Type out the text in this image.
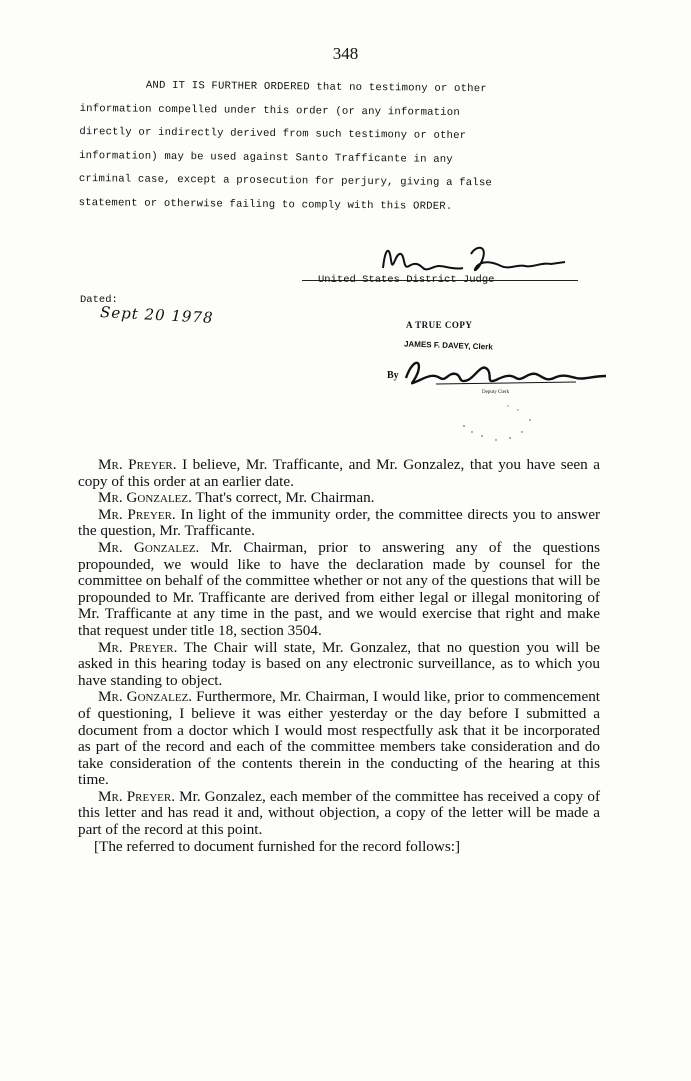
348

AND IT IS FURTHER ORDERED that no testimony or other

information compelled under this order (or any information

directly or indirectly derived from such testimony or other

information) may be used against Santo Trafficante in any

criminal case, except a prosecution for perjury, giving a false

statement or otherwise failing to comply with this ORDER.

United States District Judge
Dated:
Sept 20 1978	A TRUE COPY
JAMES F. DAVEY, Clerk
By
Deputy Clerk

Mr. Preyer. I believe, Mr. Trafficante, and Mr. Gonzalez, that you have seen a copy of this order at an earlier date.

Mr. Gonzalez. That's correct, Mr. Chairman.

Mr. Preyer. In light of the immunity order, the committee directs you to answer the question, Mr. Trafficante.

Mr. Gonzalez. Mr. Chairman, prior to answering any of the questions propounded, we would like to have the declaration made by counsel for the committee on behalf of the committee whether or not any of the questions that will be propounded to Mr. Trafficante are derived from either legal or illegal monitoring of Mr. Trafficante at any time in the past, and we would exercise that right and make that request under title 18, section 3504.

Mr. Preyer. The Chair will state, Mr. Gonzalez, that no question you will be asked in this hearing today is based on any electronic surveillance, as to which you have standing to object.

Mr. Gonzalez. Furthermore, Mr. Chairman, I would like, prior to commencement of questioning, I believe it was either yesterday or the day before I submitted a document from a doctor which I would most respectfully ask that it be incorporated as part of the record and each of the committee members take consideration and do take consideration of the contents therein in the conducting of the hearing at this time.

Mr. Preyer. Mr. Gonzalez, each member of the committee has received a copy of this letter and has read it and, without objection, a copy of the letter will be made a part of the record at this point.

[The referred to document furnished for the record follows:]
